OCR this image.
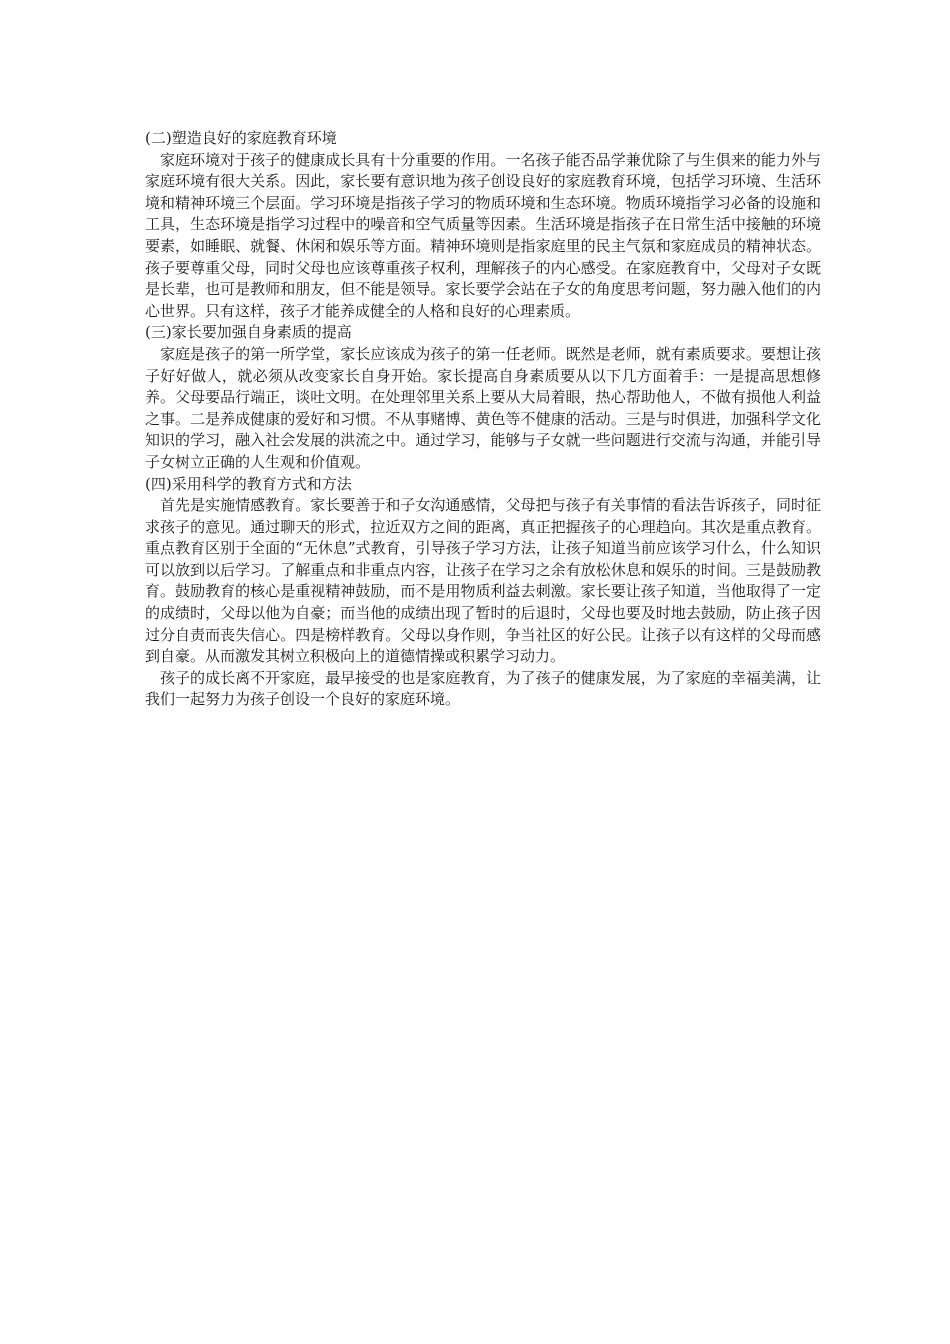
(二)塑造良好的家庭教育环境

家庭环境对于孩子的健康成长具有十分重要的作用。一名孩子能否品学兼优除了与生俱来的能力外与家庭环境有很大关系。因此，家长要有意识地为孩子创设良好的家庭教育环境，包括学习环境、生活环境和精神环境三个层面。学习环境是指孩子学习的物质环境和生态环境。物质环境指学习必备的设施和工具，生态环境是指学习过程中的噪音和空气质量等因素。生活环境是指孩子在日常生活中接触的环境要素，如睡眠、就餐、休闲和娱乐等方面。精神环境则是指家庭里的民主气氛和家庭成员的精神状态。孩子要尊重父母，同时父母也应该尊重孩子权利，理解孩子的内心感受。在家庭教育中，父母对子女既是长辈，也可是教师和朋友，但不能是领导。家长要学会站在子女的角度思考问题，努力融入他们的内心世界。只有这样，孩子才能养成健全的人格和良好的心理素质。

(三)家长要加强自身素质的提高

家庭是孩子的第一所学堂，家长应该成为孩子的第一任老师。既然是老师，就有素质要求。要想让孩子好好做人，就必须从改变家长自身开始。家长提高自身素质要从以下几方面着手：一是提高思想修养。父母要品行端正，谈吐文明。在处理邻里关系上要从大局着眼，热心帮助他人，不做有损他人利益之事。二是养成健康的爱好和习惯。不从事赌博、黄色等不健康的活动。三是与时俱进，加强科学文化知识的学习，融入社会发展的洪流之中。通过学习，能够与子女就一些问题进行交流与沟通，并能引导子女树立正确的人生观和价值观。

(四)采用科学的教育方式和方法

首先是实施情感教育。家长要善于和子女沟通感情，父母把与孩子有关事情的看法告诉孩子，同时征求孩子的意见。通过聊天的形式，拉近双方之间的距离，真正把握孩子的心理趋向。其次是重点教育。重点教育区别于全面的“无休息”式教育，引导孩子学习方法，让孩子知道当前应该学习什么，什么知识可以放到以后学习。了解重点和非重点内容，让孩子在学习之余有放松休息和娱乐的时间。三是鼓励教育。鼓励教育的核心是重视精神鼓励，而不是用物质利益去刺激。家长要让孩子知道，当他取得了一定的成绩时，父母以他为自豪；而当他的成绩出现了暂时的后退时，父母也要及时地去鼓励，防止孩子因过分自责而丧失信心。四是榜样教育。父母以身作则，争当社区的好公民。让孩子以有这样的父母而感到自豪。从而激发其树立积极向上的道德情操或积累学习动力。

孩子的成长离不开家庭，最早接受的也是家庭教育，为了孩子的健康发展，为了家庭的幸福美满，让我们一起努力为孩子创设一个良好的家庭环境。
